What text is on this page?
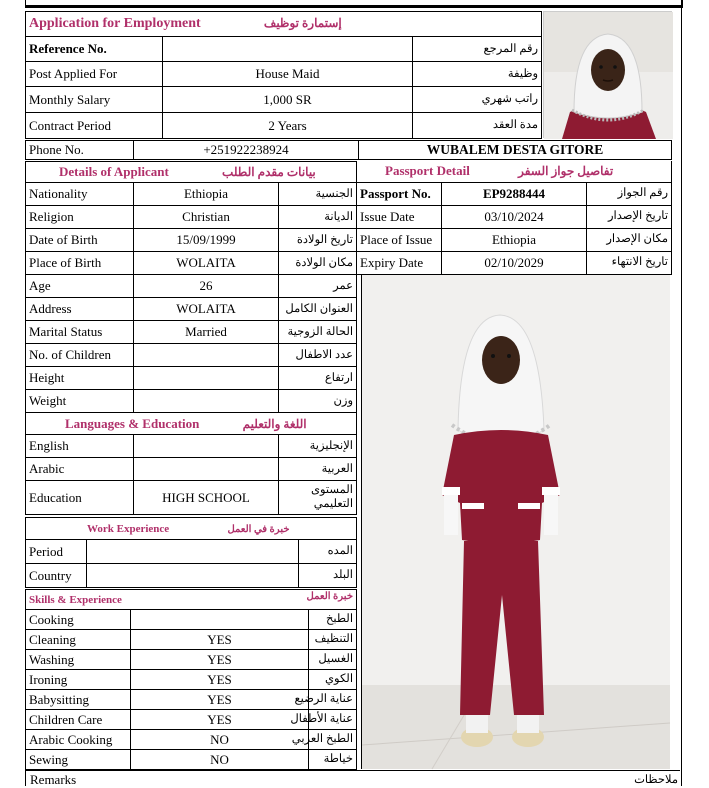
Application for Employment إستمارة توظيف		
Reference No.		رقم المرجع
Post Applied For	House Maid	وظيفة
Monthly Salary	1,000 SR	راتب شهري
Contract Period	2 Years	مدة العقد
Phone No.	+251922238924	WUBALEM DESTA GITORE
Details of Applicant بيانات مقدم الطلب		
Nationality	Ethiopia	الجنسية
Religion	Christian	الديانة
Date of Birth	15/09/1999	تاريخ الولادة
Place of Birth	WOLAITA	مكان الولادة
Age	26	عمر
Address	WOLAITA	العنوان الكامل
Marital Status	Married	الحالة الزوجية
No. of Children		عدد الاطفال
Height		ارتفاع
Weight		وزن
Languages & Education اللغة والتعليم		
English		الإنجليزية
Arabic		العربية
Education	HIGH SCHOOL	المستوى
التعليمي
Work Experience خبرة في العمل		
Period		المده
Country		البلد
Skills & Experience خبرة العمل		

Cooking		الطبخ
Cleaning	YES	التنظيف
Washing	YES	الغسيل
Ironing	YES	الكوي
Babysitting	YES	عناية الرضيع
Children Care	YES	عناية الأطفال
Arabic Cooking	NO	الطبخ العربي
Sewing	NO	خياطة
Remarks	ملاحظات
Passport Detail تفاصيل جواز السفر		
Passport No.	EP9288444	رقم الجواز
Issue Date	03/10/2024	تاريخ الإصدار
Place of Issue	Ethiopia	مكان الإصدار
Expiry Date	02/10/2029	تاريخ الانتهاء
